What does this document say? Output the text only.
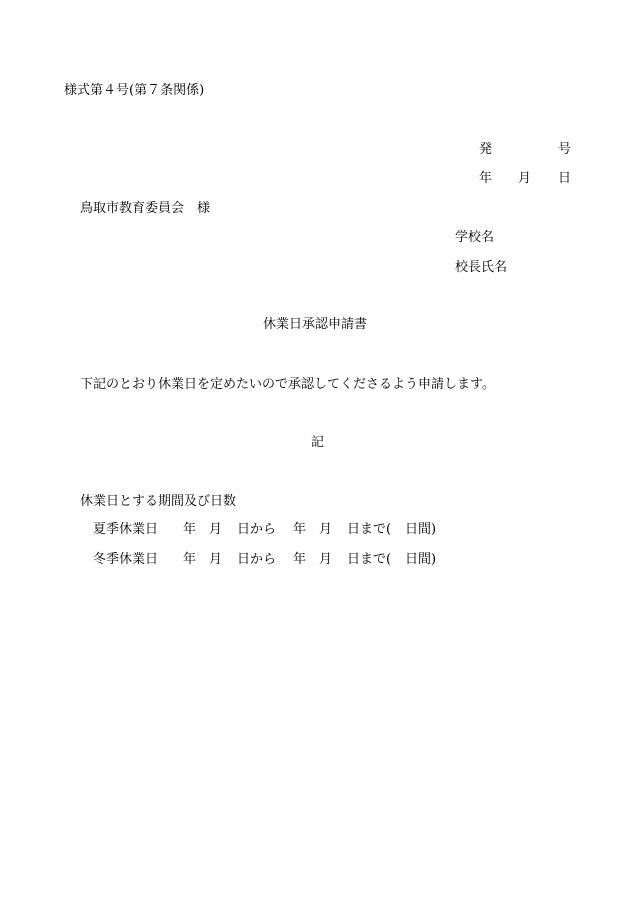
様式第４号(第７条関係)
発	号
年 月 日
鳥取市教育委員会　様
学校名
校長氏名
休業日承認申請書
下記のとおり休業日を定めたいので承認してくださるよう申請します。
記
休業日とする期間及び日数
夏季休業日 年 月 日から 年 月 日まで( 日間)
冬季休業日 年 月 日から 年 月 日まで( 日間)
